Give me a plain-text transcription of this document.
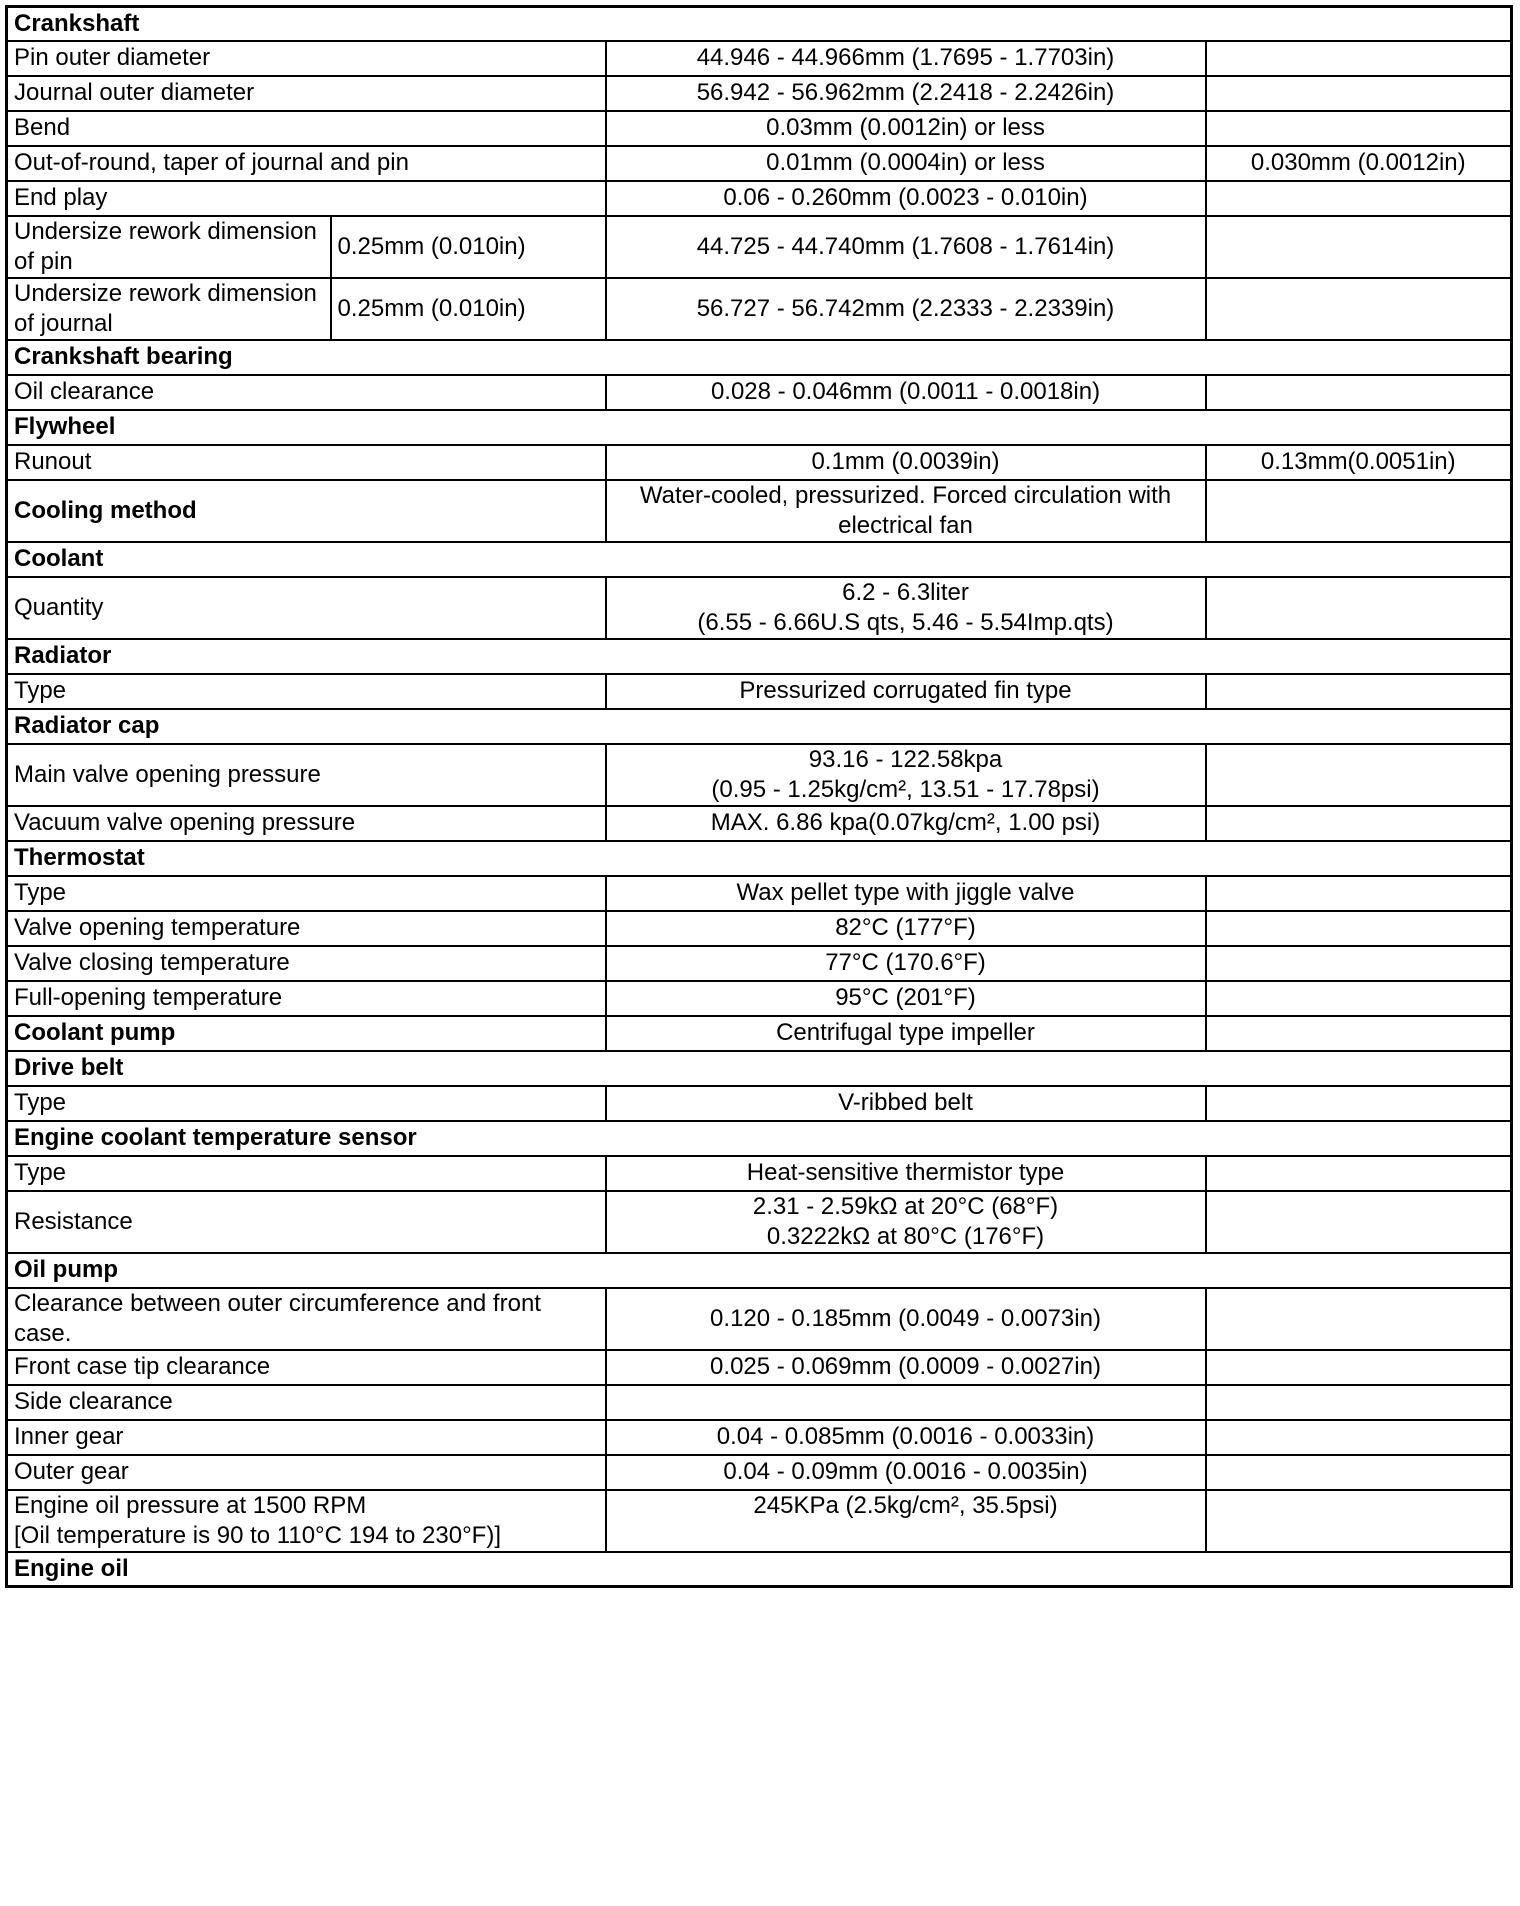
Crankshaft			
Pin outer diameter		44.946 - 44.966mm (1.7695 - 1.7703in)	
Journal outer diameter		56.942 - 56.962mm (2.2418 - 2.2426in)	
Bend		0.03mm (0.0012in) or less	
Out-of-round, taper of journal and pin		0.01mm (0.0004in) or less	0.030mm (0.0012in)
End play		0.06 - 0.260mm (0.0023 - 0.010in)	
Undersize rework dimension of pin	0.25mm (0.010in)	44.725 - 44.740mm (1.7608 - 1.7614in)	
Undersize rework dimension of journal	0.25mm (0.010in)	56.727 - 56.742mm (2.2333 - 2.2339in)	
Crankshaft bearing			
Oil clearance		0.028 - 0.046mm (0.0011 - 0.0018in)	
Flywheel			
Runout		0.1mm (0.0039in)	0.13mm(0.0051in)
Cooling method		Water-cooled, pressurized. Forced circulation with electrical fan	
Coolant			
Quantity		6.2 - 6.3liter
(6.55 - 6.66U.S qts, 5.46 - 5.54Imp.qts)	

Radiator			
Type		Pressurized corrugated fin type	
Radiator cap			
Main valve opening pressure		93.16 - 122.58kpa
(0.95 - 1.25kg/cm², 13.51 - 17.78psi)	

Vacuum valve opening pressure		MAX. 6.86 kpa(0.07kg/cm², 1.00 psi)	
Thermostat			
Type		Wax pellet type with jiggle valve	
Valve opening temperature		82°C (177°F)	
Valve closing temperature		77°C (170.6°F)	
Full-opening temperature		95°C (201°F)	
Coolant pump		Centrifugal type impeller	
Drive belt			
Type		V-ribbed belt	
Engine coolant temperature sensor			
Type		Heat-sensitive thermistor type	
Resistance		2.31 - 2.59kΩ at 20°C (68°F)
0.3222kΩ at 80°C (176°F)	

Oil pump			
Clearance between outer circumference and front case.		0.120 - 0.185mm (0.0049 - 0.0073in)	
Front case tip clearance		0.025 - 0.069mm (0.0009 - 0.0027in)	
Side clearance			
Inner gear		0.04 - 0.085mm (0.0016 - 0.0033in)	
Outer gear		0.04 - 0.09mm (0.0016 - 0.0035in)	

Engine oil pressure at 1500 RPM
[Oil temperature is 90 to 110°C 194 to 230°F)]		245KPa (2.5kg/cm², 35.5psi)	
Engine oil			
